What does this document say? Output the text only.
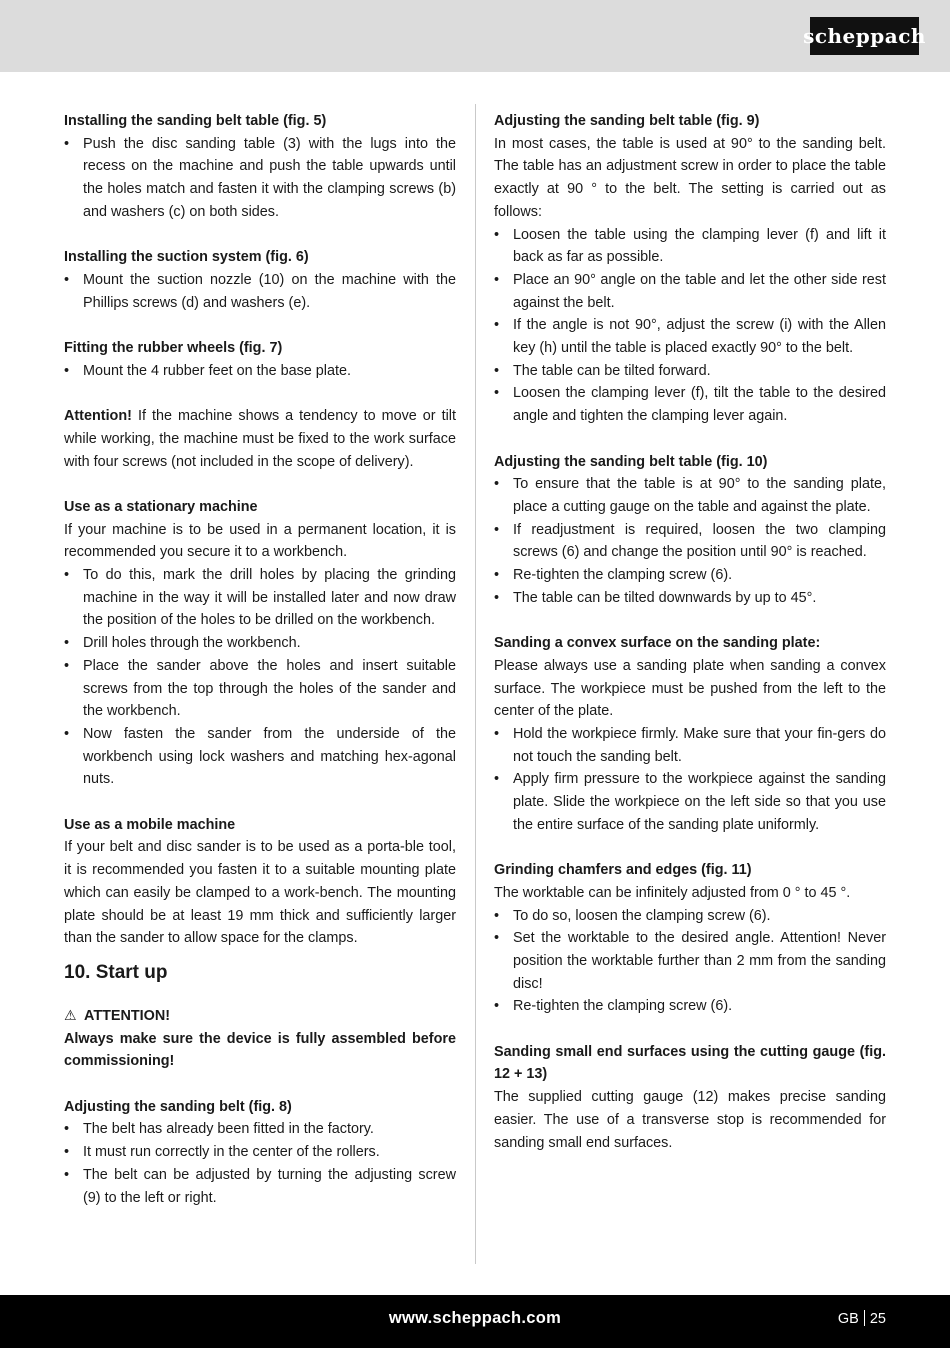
scheppach
Installing the sanding belt table (fig. 5)
• Push the disc sanding table (3) with the lugs into the recess on the machine and push the table upwards until the holes match and fasten it with the clamping screws (b) and washers (c) on both sides.
Installing the suction system (fig. 6)
• Mount the suction nozzle (10) on the machine with the Phillips screws (d) and washers (e).
Fitting the rubber wheels (fig. 7)
• Mount the 4 rubber feet on the base plate.

Attention! If the machine shows a tendency to move or tilt while working, the machine must be fixed to the work surface with four screws (not included in the scope of delivery).

Use as a stationary machine

If your machine is to be used in a permanent location, it is recommended you secure it to a workbench.

• To do this, mark the drill holes by placing the grinding machine in the way it will be installed later and now draw the position of the holes to be drilled on the workbench.
• Drill holes through the workbench.
• Place the sander above the holes and insert suitable screws from the top through the holes of the sander and the workbench.
• Now fasten the sander from the underside of the workbench using lock washers and matching hex-agonal nuts.
Use as a mobile machine

If your belt and disc sander is to be used as a porta-ble tool, it is recommended you fasten it to a suitable mounting plate which can easily be clamped to a work-bench. The mounting plate should be at least 19 mm thick and sufficiently larger than the sander to allow space for the clamps.

10. Start up
⚠ ATTENTION!

Always make sure the device is fully assembled before commissioning!

Adjusting the sanding belt (fig. 8)
• The belt has already been fitted in the factory.
• It must run correctly in the center of the rollers.
• The belt can be adjusted by turning the adjusting screw (9) to the left or right.
Adjusting the sanding belt table (fig. 9)

In most cases, the table is used at 90° to the sanding belt. The table has an adjustment screw in order to place the table exactly at 90 ° to the belt. The setting is carried out as follows:

• Loosen the table using the clamping lever (f) and lift it back as far as possible.
• Place an 90° angle on the table and let the other side rest against the belt.
• If the angle is not 90°, adjust the screw (i) with the Allen key (h) until the table is placed exactly 90° to the belt.
• The table can be tilted forward.
• Loosen the clamping lever (f), tilt the table to the desired angle and tighten the clamping lever again.
Adjusting the sanding belt table (fig. 10)
• To ensure that the table is at 90° to the sanding plate, place a cutting gauge on the table and against the plate.
• If readjustment is required, loosen the two clamping screws (6) and change the position until 90° is reached.
• Re-tighten the clamping screw (6).
• The table can be tilted downwards by up to 45°.
Sanding a convex surface on the sanding plate:

Please always use a sanding plate when sanding a convex surface. The workpiece must be pushed from the left to the center of the plate.

• Hold the workpiece firmly. Make sure that your fin-gers do not touch the sanding belt.
• Apply firm pressure to the workpiece against the sanding plate. Slide the workpiece on the left side so that you use the entire surface of the sanding plate uniformly.
Grinding chamfers and edges (fig. 11)

The worktable can be infinitely adjusted from 0 ° to 45 °.

• To do so, loosen the clamping screw (6).
• Set the worktable to the desired angle. Attention! Never position the worktable further than 2 mm from the sanding disc!
• Re-tighten the clamping screw (6).
Sanding small end surfaces using the cutting gauge (fig. 12 + 13)

The supplied cutting gauge (12) makes precise sanding easier. The use of a transverse stop is recommended for sanding small end surfaces.

www.scheppach.com	GB 25
